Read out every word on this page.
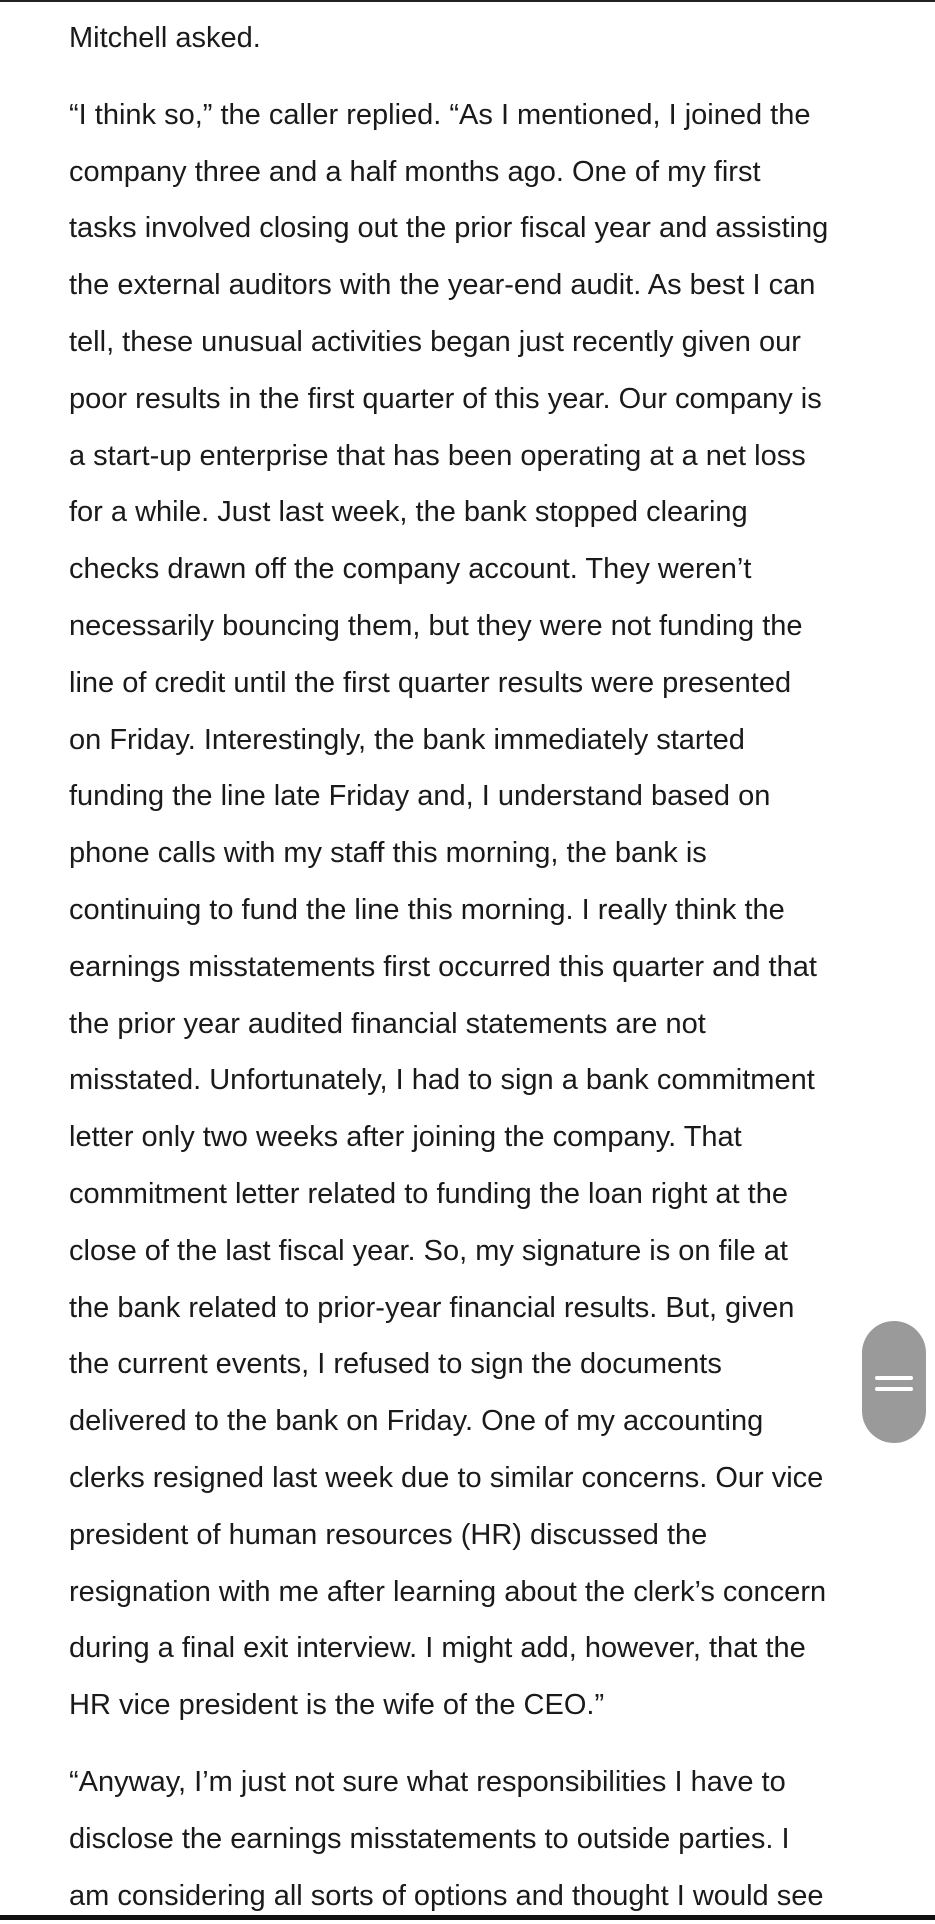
Mitchell asked.
“I think so,” the caller replied. “As I mentioned, I joined the
company three and a half months ago. One of my first
tasks involved closing out the prior fiscal year and assisting
the external auditors with the year-end audit. As best I can
tell, these unusual activities began just recently given our
poor results in the first quarter of this year. Our company is
a start-up enterprise that has been operating at a net loss
for a while. Just last week, the bank stopped clearing
checks drawn off the company account. They weren’t
necessarily bouncing them, but they were not funding the
line of credit until the first quarter results were presented
on Friday. Interestingly, the bank immediately started
funding the line late Friday and, I understand based on
phone calls with my staff this morning, the bank is
continuing to fund the line this morning. I really think the
earnings misstatements first occurred this quarter and that
the prior year audited financial statements are not
misstated. Unfortunately, I had to sign a bank commitment
letter only two weeks after joining the company. That
commitment letter related to funding the loan right at the
close of the last fiscal year. So, my signature is on file at
the bank related to prior-year financial results. But, given
the current events, I refused to sign the documents
delivered to the bank on Friday. One of my accounting
clerks resigned last week due to similar concerns. Our vice
president of human resources (HR) discussed the
resignation with me after learning about the clerk’s concern
during a final exit interview. I might add, however, that the
HR vice president is the wife of the CEO.”
“Anyway, I’m just not sure what responsibilities I have to
disclose the earnings misstatements to outside parties. I
am considering all sorts of options and thought I would see
